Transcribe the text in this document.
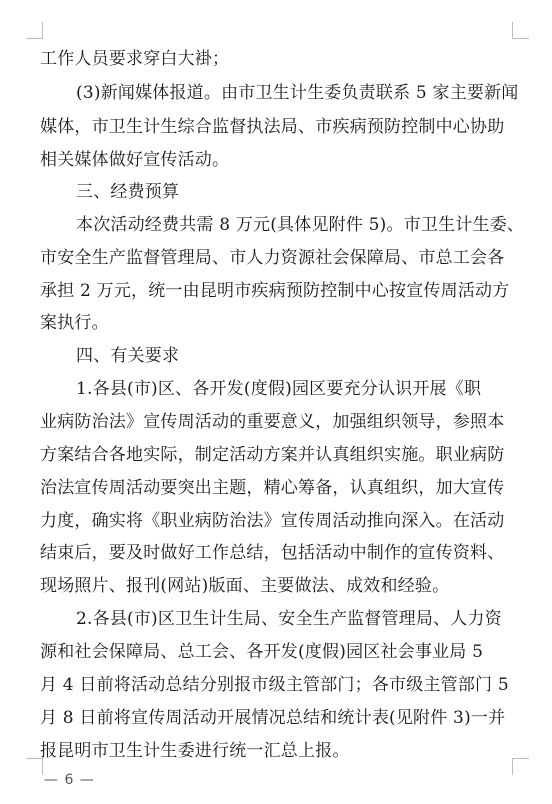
工作人员要求穿白大褂；
(3)新闻媒体报道。由市卫生计生委负责联系 5 家主要新闻
媒体，市卫生计生综合监督执法局、市疾病预防控制中心协助
相关媒体做好宣传活动。
三、经费预算
本次活动经费共需 8 万元(具体见附件 5)。市卫生计生委、
市安全生产监督管理局、市人力资源社会保障局、市总工会各
承担 2 万元，统一由昆明市疾病预防控制中心按宣传周活动方
案执行。
四、有关要求
1.各县(市)区、各开发(度假)园区要充分认识开展《职
业病防治法》宣传周活动的重要意义，加强组织领导，参照本
方案结合各地实际，制定活动方案并认真组织实施。职业病防
治法宣传周活动要突出主题，精心筹备，认真组织，加大宣传
力度，确实将《职业病防治法》宣传周活动推向深入。在活动
结束后，要及时做好工作总结，包括活动中制作的宣传资料、
现场照片、报刊(网站)版面、主要做法、成效和经验。
2.各县(市)区卫生计生局、安全生产监督管理局、人力资
源和社会保障局、总工会、各开发(度假)园区社会事业局 5
月 4 日前将活动总结分别报市级主管部门；各市级主管部门 5
月 8 日前将宣传周活动开展情况总结和统计表(见附件 3)一并
报昆明市卫生计生委进行统一汇总上报。
— 6 —
